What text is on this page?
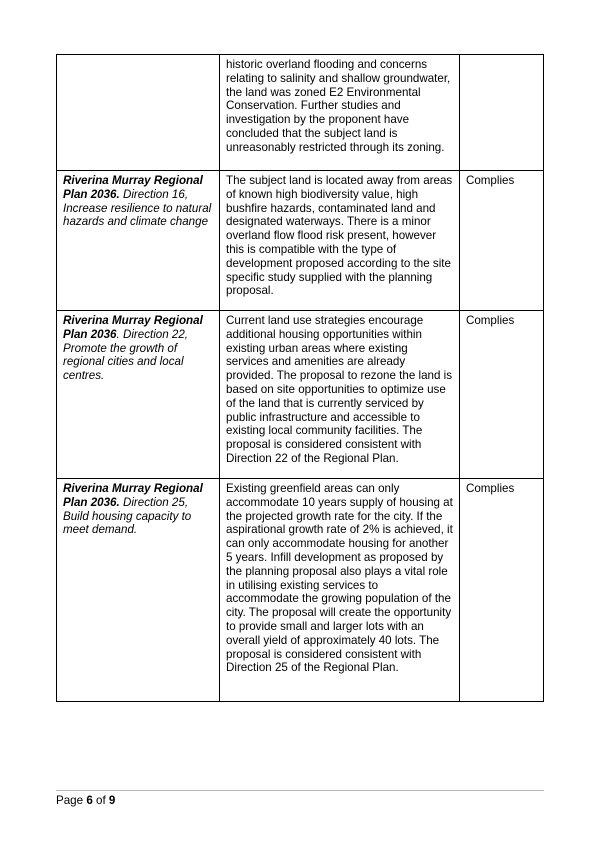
	historic overland flooding and concerns relating to salinity and shallow groundwater, the land was zoned E2 Environmental Conservation. Further studies and investigation by the proponent have concluded that the subject land is unreasonably restricted through its zoning.	
Riverina Murray Regional Plan 2036. Direction 16, Increase resilience to natural hazards and climate change	The subject land is located away from areas of known high biodiversity value, high bushfire hazards, contaminated land and designated waterways. There is a minor overland flow flood risk present, however this is compatible with the type of development proposed according to the site specific study supplied with the planning proposal.	Complies
Riverina Murray Regional Plan 2036. Direction 22, Promote the growth of regional cities and local centres.	Current land use strategies encourage additional housing opportunities within existing urban areas where existing services and amenities are already provided. The proposal to rezone the land is based on site opportunities to optimize use of the land that is currently serviced by public infrastructure and accessible to existing local community facilities. The proposal is considered consistent with Direction 22 of the Regional Plan.	Complies
Riverina Murray Regional Plan 2036. Direction 25, Build housing capacity to meet demand.	Existing greenfield areas can only accommodate 10 years supply of housing at the projected growth rate for the city. If the aspirational growth rate of 2% is achieved, it can only accommodate housing for another 5 years. Infill development as proposed by the planning proposal also plays a vital role in utilising existing services to accommodate the growing population of the city. The proposal will create the opportunity to provide small and larger lots with an overall yield of approximately 40 lots. The proposal is considered consistent with Direction 25 of the Regional Plan.	Complies
Page 6 of 9
